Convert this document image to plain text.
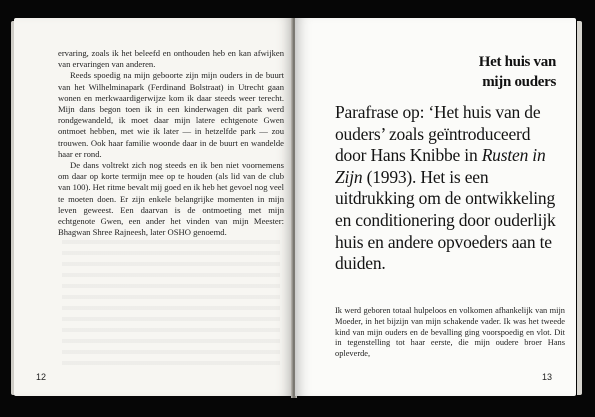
ervaring, zoals ik het beleefd en onthouden heb en kan afwijken van ervaringen van anderen.

Reeds spoedig na mijn geboorte zijn mijn ouders in de buurt van het Wilhelminapark (Ferdinand Bolstraat) in Utrecht gaan wonen en merkwaardigerwijze kom ik daar steeds weer terecht. Mijn dans begon toen ik in een kinderwagen dit park werd rondgewandeld, ik moet daar mijn latere echtgenote Gwen ontmoet hebben, met wie ik later — in hetzelfde park — zou trouwen. Ook haar familie woonde daar in de buurt en wandelde haar er rond.

De dans voltrekt zich nog steeds en ik ben niet voornemens om daar op korte termijn mee op te houden (als lid van de club van 100). Het ritme bevalt mij goed en ik heb het gevoel nog veel te moeten doen. Er zijn enkele belangrijke momenten in mijn leven geweest. Een daarvan is de ontmoeting met mijn echtgenote Gwen, een ander het vinden van mijn Meester: Bhagwan Shree Rajneesh, later OSHO genoemd.

12
Het huis van
mijn ouders
Parafrase op: ‘Het huis van de ouders’ zoals geïntroduceerd door Hans Knibbe in Rusten in Zijn (1993). Het is een uitdrukking om de ontwikkeling en conditionering door ouderlijk huis en andere opvoeders aan te duiden.

Ik werd geboren totaal hulpeloos en volkomen afhankelijk van mijn Moeder, in het bijzijn van mijn schakende vader. Ik was het tweede kind van mijn ouders en de bevalling ging voorspoedig en vlot. Dit in tegenstelling tot haar eerste, die mijn oudere broer Hans opleverde,

13
